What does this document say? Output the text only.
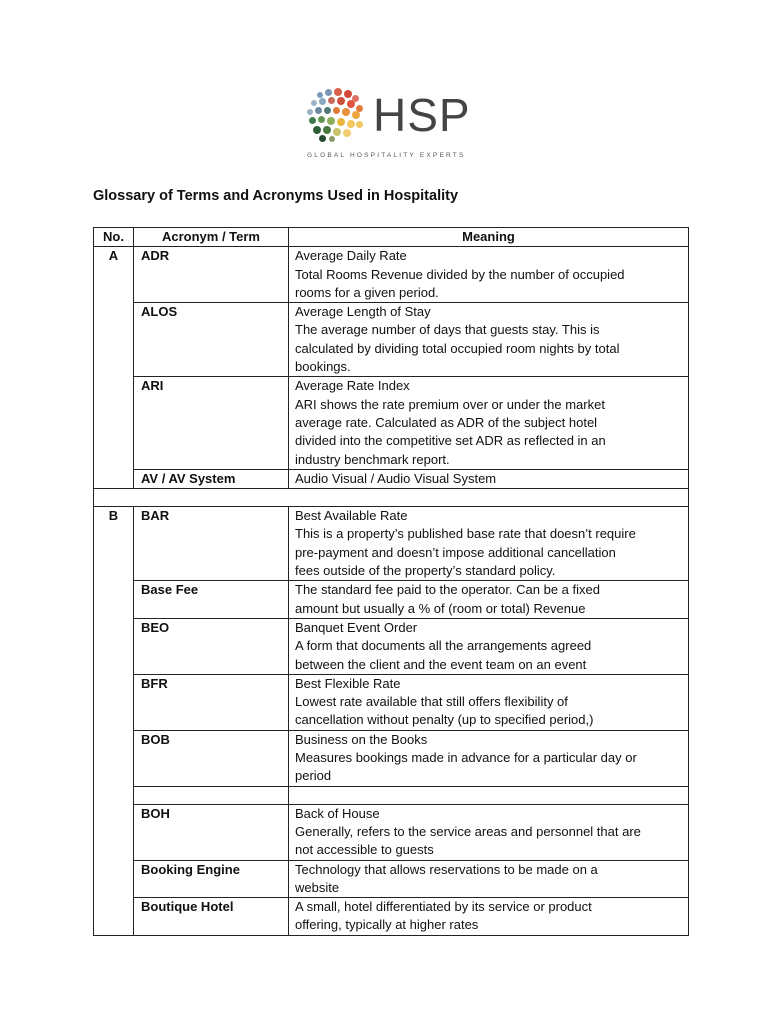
HSP
GLOBAL HOSPITALITY EXPERTS
Glossary of Terms and Acronyms Used in Hospitality
No.	Acronym / Term	Meaning
A	ADR	Average Daily Rate
Total Rooms Revenue divided by the number of occupied
rooms for a given period.

	ALOS	Average Length of Stay
The average number of days that guests stay. This is
calculated by dividing total occupied room nights by total
bookings.

	ARI	Average Rate Index
ARI shows the rate premium over or under the market
average rate. Calculated as ADR of the subject hotel
divided into the competitive set ADR as reflected in an
industry benchmark report.

	AV / AV System	Audio Visual / Audio Visual System

B	BAR	Best Available Rate
This is a property’s published base rate that doesn’t require
pre-payment and doesn’t impose additional cancellation
fees outside of the property’s standard policy.

	Base Fee	The standard fee paid to the operator. Can be a fixed
amount but usually a % of (room or total) Revenue

	BEO	Banquet Event Order
A form that documents all the arrangements agreed
between the client and the event team on an event

	BFR	Best Flexible Rate
Lowest rate available that still offers flexibility of
cancellation without penalty (up to specified period,)

	BOB	Business on the Books
Measures bookings made in advance for a particular day or
period

	BOH	Back of House
Generally, refers to the service areas and personnel that are
not accessible to guests

	Booking Engine	Technology that allows reservations to be made on a
website

	Boutique Hotel	A small, hotel differentiated by its service or product
offering, typically at higher rates
